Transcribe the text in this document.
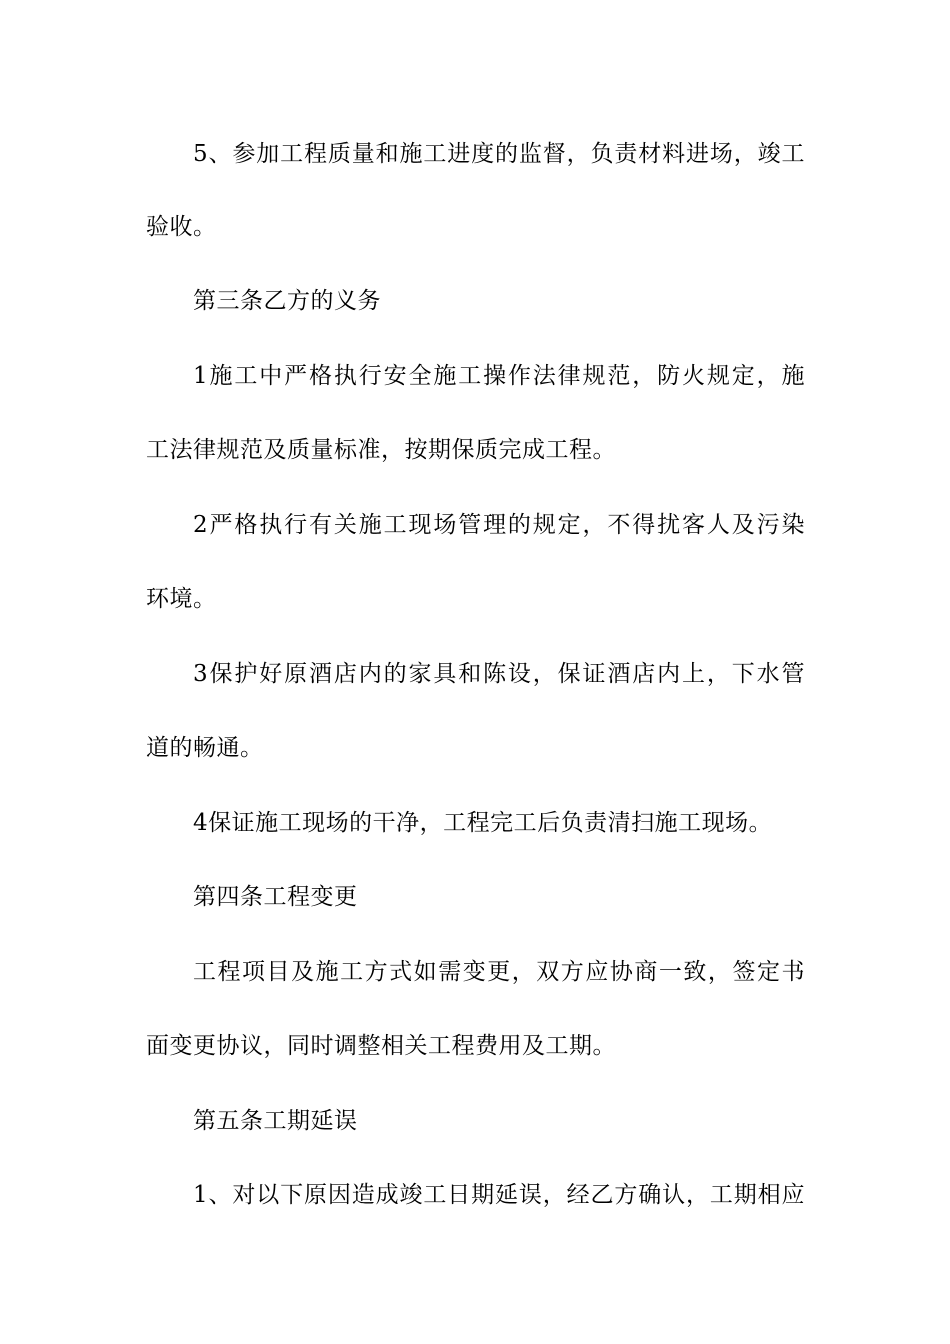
5、参加工程质量和施工进度的监督，负责材料进场，竣工
验收。
第三条乙方的义务
1施工中严格执行安全施工操作法律规范，防火规定，施
工法律规范及质量标准，按期保质完成工程。
2严格执行有关施工现场管理的规定，不得扰客人及污染
环境。
3保护好原酒店内的家具和陈设，保证酒店内上，下水管
道的畅通。
4保证施工现场的干净，工程完工后负责清扫施工现场。
第四条工程变更
工程项目及施工方式如需变更，双方应协商一致，签定书
面变更协议，同时调整相关工程费用及工期。
第五条工期延误
1、对以下原因造成竣工日期延误，经乙方确认，工期相应
